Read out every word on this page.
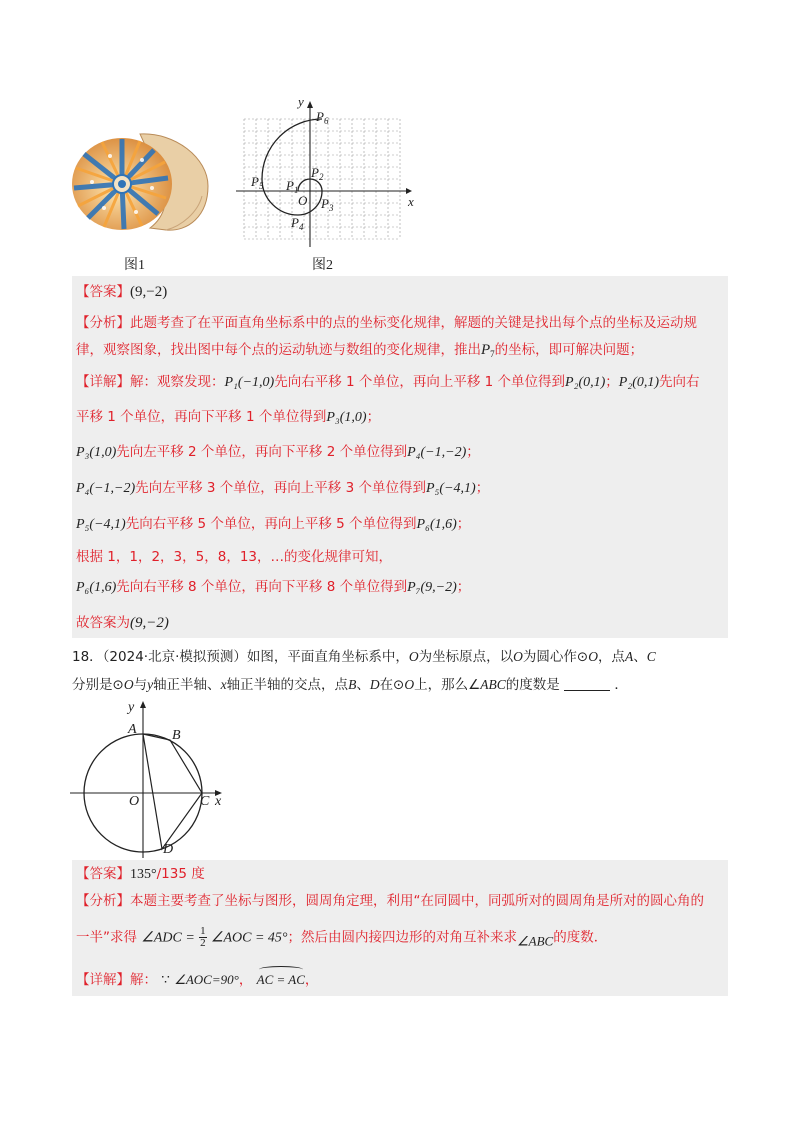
图1
y
x
O
$P_6$
$P_2$
$P_1$
$P_5$
$P_3$
$P_4$
图2
【答案】(9,−2)
【分析】此题考查了在平面直角坐标系中的点的坐标变化规律，解题的关键是找出每个点的坐标及运动规
律，观察图象，找出图中每个点的运动轨迹与数组的变化规律，推出$P_7$的坐标，即可解决问题；
【详解】解：观察发现：P₁(−1,0)先向右平移 1 个单位，再向上平移 1 个单位得到P₂(0,1)；P₂(0,1)先向右
平移 1 个单位，再向下平移 1 个单位得到P₃(1,0)；
P₃(1,0)先向左平移 2 个单位，再向下平移 2 个单位得到P₄(−1,−2)；
P₄(−1,−2)先向左平移 3 个单位，再向上平移 3 个单位得到P₅(−4,1)；
P₅(−4,1)先向右平移 5 个单位，再向上平移 5 个单位得到P₆(1,6)；
根据 1，1，2，3，5，8，13，…的变化规律可知，
P₆(1,6)先向右平移 8 个单位，再向下平移 8 个单位得到P₇(9,−2)；
故答案为(9,−2)
18．（2024·北京·模拟预测）如图，平面直角坐标系中，O为坐标原点，以O为圆心作⊙O，点A、C
分别是⊙O与y轴正半轴、x轴正半轴的交点，点B、D在⊙O上，那么∠ABC的度数是	．
y
A	B
O	C x
D
【答案】135°/135 度
【分析】本题主要考查了坐标与图形，圆周角定理，利用“在同圆中，同弧所对的圆周角是所对的圆心角的
一半”求得 ∠ADC = $\frac{1}{2}$ ∠AOC = 45°；然后由圆内接四边形的对角互补来求∠ABC的度数．
【详解】解： ∵ ∠AOC=90°， AC = AC，
